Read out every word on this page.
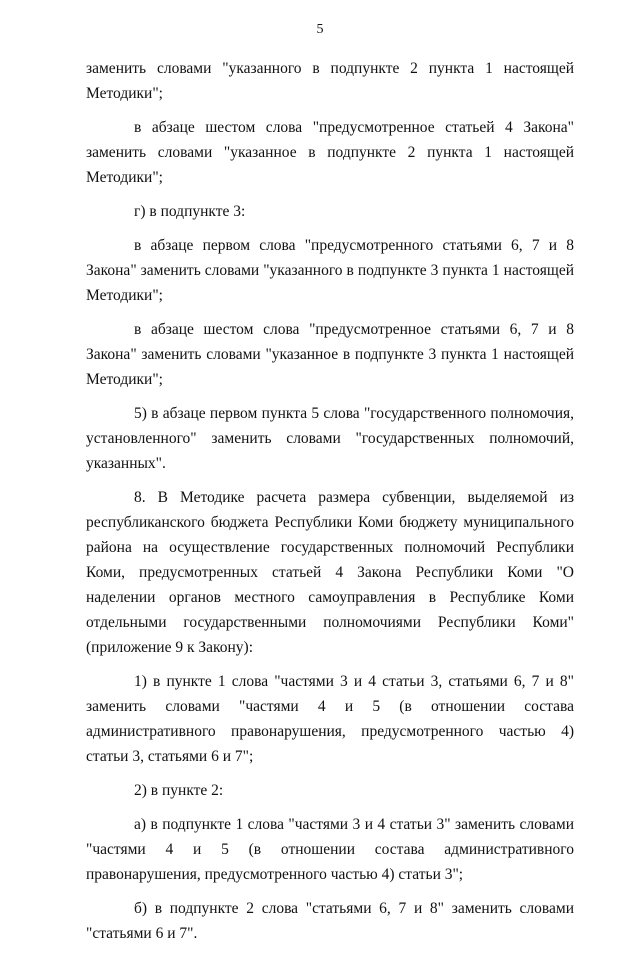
5

заменить словами "указанного в подпункте 2 пункта 1 настоящей Методики";

в абзаце шестом слова "предусмотренное статьей 4 Закона" заменить словами "указанное в подпункте 2 пункта 1 настоящей Методики";

г) в подпункте 3:

в абзаце первом слова "предусмотренного статьями 6, 7 и 8 Закона" заменить словами "указанного в подпункте 3 пункта 1 настоящей Методики";

в абзаце шестом слова "предусмотренное статьями 6, 7 и 8 Закона" заменить словами "указанное в подпункте 3 пункта 1 настоящей Методики";

5) в абзаце первом пункта 5 слова "государственного полномочия, установленного" заменить словами "государственных полномочий, указанных".

8. В Методике расчета размера субвенции, выделяемой из республиканского бюджета Республики Коми бюджету муниципального района на осуществление государственных полномочий Республики Коми, предусмотренных статьей 4 Закона Республики Коми "О наделении органов местного самоуправления в Республике Коми отдельными государственными полномочиями Республики Коми" (приложение 9 к Закону):

1) в пункте 1 слова "частями 3 и 4 статьи 3, статьями 6, 7 и 8" заменить словами "частями 4 и 5 (в отношении состава административного правонарушения, предусмотренного частью 4) статьи 3, статьями 6 и 7";

2) в пункте 2:

а) в подпункте 1 слова "частями 3 и 4 статьи 3" заменить словами "частями 4 и 5 (в отношении состава административного правонарушения, предусмотренного частью 4) статьи 3";

б) в подпункте 2 слова "статьями 6, 7 и 8" заменить словами "статьями 6 и 7".
